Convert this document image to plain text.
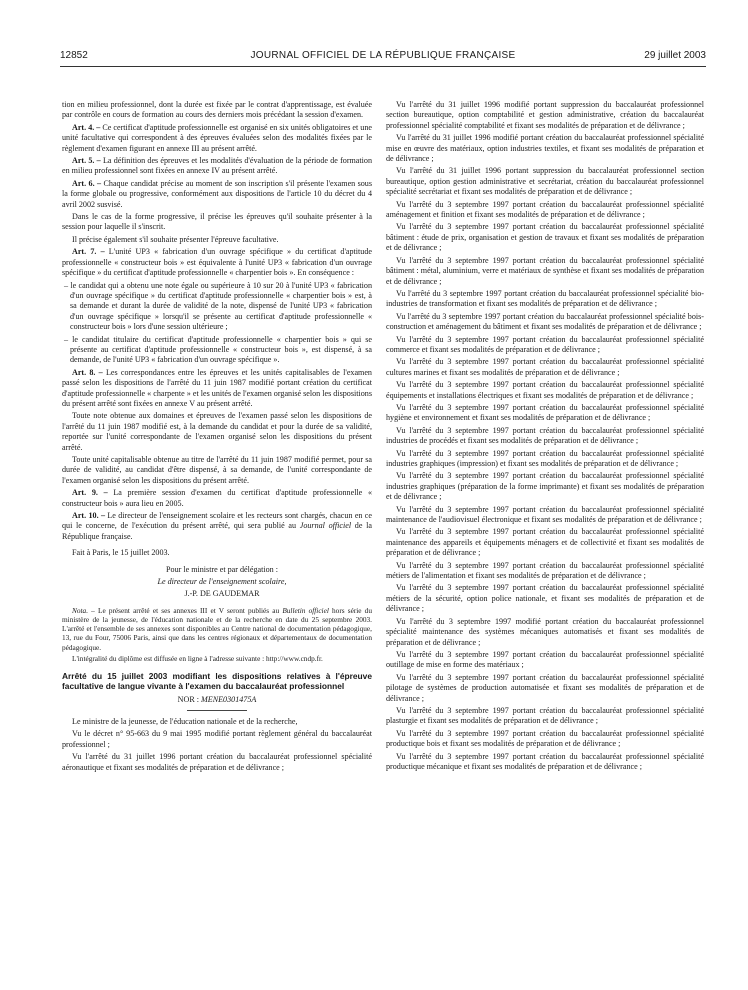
12852	JOURNAL OFFICIEL DE LA RÉPUBLIQUE FRANÇAISE	29 juillet 2003

tion en milieu professionnel, dont la durée est fixée par le contrat d'apprentissage, est évaluée par contrôle en cours de formation au cours des derniers mois précédant la session d'examen.

Art. 4. – Ce certificat d'aptitude professionnelle est organisé en six unités obligatoires et une unité facultative qui correspondent à des épreuves évaluées selon des modalités fixées par le règlement d'examen figurant en annexe III au présent arrêté.

Art. 5. – La définition des épreuves et les modalités d'évaluation de la période de formation en milieu professionnel sont fixées en annexe IV au présent arrêté.

Art. 6. – Chaque candidat précise au moment de son inscription s'il présente l'examen sous la forme globale ou progressive, conformément aux dispositions de l'article 10 du décret du 4 avril 2002 susvisé.

Dans le cas de la forme progressive, il précise les épreuves qu'il souhaite présenter à la session pour laquelle il s'inscrit.

Il précise également s'il souhaite présenter l'épreuve facultative.

Art. 7. – L'unité UP3 « fabrication d'un ouvrage spécifique » du certificat d'aptitude professionnelle « constructeur bois » est équivalente à l'unité UP3 « fabrication d'un ouvrage spécifique » du certificat d'aptitude professionnelle « charpentier bois ». En conséquence :

– le candidat qui a obtenu une note égale ou supérieure à 10 sur 20 à l'unité UP3 « fabrication d'un ouvrage spécifique » du certificat d'aptitude professionnelle « charpentier bois » est, à sa demande et durant la durée de validité de la note, dispensé de l'unité UP3 « fabrication d'un ouvrage spécifique » lorsqu'il se présente au certificat d'aptitude professionnelle « constructeur bois » lors d'une session ultérieure ;

– le candidat titulaire du certificat d'aptitude professionnelle « charpentier bois » qui se présente au certificat d'aptitude professionnelle « constructeur bois », est dispensé, à sa demande, de l'unité UP3 « fabrication d'un ouvrage spécifique ».

Art. 8. – Les correspondances entre les épreuves et les unités capitalisables de l'examen passé selon les dispositions de l'arrêté du 11 juin 1987 modifié portant création du certificat d'aptitude professionnelle « charpente » et les unités de l'examen organisé selon les dispositions du présent arrêté sont fixées en annexe V au présent arrêté.

Toute note obtenue aux domaines et épreuves de l'examen passé selon les dispositions de l'arrêté du 11 juin 1987 modifié est, à la demande du candidat et pour la durée de sa validité, reportée sur l'unité correspondante de l'examen organisé selon les dispositions du présent arrêté.

Toute unité capitalisable obtenue au titre de l'arrêté du 11 juin 1987 modifié permet, pour sa durée de validité, au candidat d'être dispensé, à sa demande, de l'unité correspondante de l'examen organisé selon les dispositions du présent arrêté.

Art. 9. – La première session d'examen du certificat d'aptitude professionnelle « constructeur bois » aura lieu en 2005.

Art. 10. – Le directeur de l'enseignement scolaire et les recteurs sont chargés, chacun en ce qui le concerne, de l'exécution du présent arrêté, qui sera publié au Journal officiel de la République française.

Fait à Paris, le 15 juillet 2003.

Pour le ministre et par délégation :

Le directeur de l'enseignement scolaire,

J.-P. DE GAUDEMAR

Nota. – Le présent arrêté et ses annexes III et V seront publiés au Bulletin officiel hors série du ministère de la jeunesse, de l'éducation nationale et de la recherche en date du 25 septembre 2003. L'arrêté et l'ensemble de ses annexes sont disponibles au Centre national de documentation pédagogique, 13, rue du Four, 75006 Paris, ainsi que dans les centres régionaux et départementaux de documentation pédagogique.

L'intégralité du diplôme est diffusée en ligne à l'adresse suivante : http://www.cndp.fr.

Arrêté du 15 juillet 2003 modifiant les dispositions relatives à l'épreuve facultative de langue vivante à l'examen du baccalauréat professionnel

NOR : MENE0301475A

Le ministre de la jeunesse, de l'éducation nationale et de la recherche,

Vu le décret n° 95-663 du 9 mai 1995 modifié portant règlement général du baccalauréat professionnel ;

Vu l'arrêté du 31 juillet 1996 portant création du baccalauréat professionnel spécialité aéronautique et fixant ses modalités de préparation et de délivrance ;

Vu l'arrêté du 31 juillet 1996 modifié portant suppression du baccalauréat professionnel section bureautique, option comptabilité et gestion administrative, création du baccalauréat professionnel spécialité comptabilité et fixant ses modalités de préparation et de délivrance ;

Vu l'arrêté du 31 juillet 1996 modifié portant création du baccalauréat professionnel spécialité mise en œuvre des matériaux, option industries textiles, et fixant ses modalités de préparation et de délivrance ;

Vu l'arrêté du 31 juillet 1996 portant suppression du baccalauréat professionnel section bureautique, option gestion administrative et secrétariat, création du baccalauréat professionnel spécialité secrétariat et fixant ses modalités de préparation et de délivrance ;

Vu l'arrêté du 3 septembre 1997 portant création du baccalauréat professionnel spécialité aménagement et finition et fixant ses modalités de préparation et de délivrance ;

Vu l'arrêté du 3 septembre 1997 portant création du baccalauréat professionnel spécialité bâtiment : étude de prix, organisation et gestion de travaux et fixant ses modalités de préparation et de délivrance ;

Vu l'arrêté du 3 septembre 1997 portant création du baccalauréat professionnel spécialité bâtiment : métal, aluminium, verre et matériaux de synthèse et fixant ses modalités de préparation et de délivrance ;

Vu l'arrêté du 3 septembre 1997 portant création du baccalauréat professionnel spécialité bio-industries de transformation et fixant ses modalités de préparation et de délivrance ;

Vu l'arrêté du 3 septembre 1997 portant création du baccalauréat professionnel spécialité bois-construction et aménagement du bâtiment et fixant ses modalités de préparation et de délivrance ;

Vu l'arrêté du 3 septembre 1997 portant création du baccalauréat professionnel spécialité commerce et fixant ses modalités de préparation et de délivrance ;

Vu l'arrêté du 3 septembre 1997 portant création du baccalauréat professionnel spécialité cultures marines et fixant ses modalités de préparation et de délivrance ;

Vu l'arrêté du 3 septembre 1997 portant création du baccalauréat professionnel spécialité équipements et installations électriques et fixant ses modalités de préparation et de délivrance ;

Vu l'arrêté du 3 septembre 1997 portant création du baccalauréat professionnel spécialité hygiène et environnement et fixant ses modalités de préparation et de délivrance ;

Vu l'arrêté du 3 septembre 1997 portant création du baccalauréat professionnel spécialité industries de procédés et fixant ses modalités de préparation et de délivrance ;

Vu l'arrêté du 3 septembre 1997 portant création du baccalauréat professionnel spécialité industries graphiques (impression) et fixant ses modalités de préparation et de délivrance ;

Vu l'arrêté du 3 septembre 1997 portant création du baccalauréat professionnel spécialité industries graphiques (préparation de la forme imprimante) et fixant ses modalités de préparation et de délivrance ;

Vu l'arrêté du 3 septembre 1997 portant création du baccalauréat professionnel spécialité maintenance de l'audiovisuel électronique et fixant ses modalités de préparation et de délivrance ;

Vu l'arrêté du 3 septembre 1997 portant création du baccalauréat professionnel spécialité maintenance des appareils et équipements ménagers et de collectivité et fixant ses modalités de préparation et de délivrance ;

Vu l'arrêté du 3 septembre 1997 portant création du baccalauréat professionnel spécialité métiers de l'alimentation et fixant ses modalités de préparation et de délivrance ;

Vu l'arrêté du 3 septembre 1997 portant création du baccalauréat professionnel spécialité métiers de la sécurité, option police nationale, et fixant ses modalités de préparation et de délivrance ;

Vu l'arrêté du 3 septembre 1997 modifié portant création du baccalauréat professionnel spécialité maintenance des systèmes mécaniques automatisés et fixant ses modalités de préparation et de délivrance ;

Vu l'arrêté du 3 septembre 1997 portant création du baccalauréat professionnel spécialité outillage de mise en forme des matériaux ;

Vu l'arrêté du 3 septembre 1997 portant création du baccalauréat professionnel spécialité pilotage de systèmes de production automatisée et fixant ses modalités de préparation et de délivrance ;

Vu l'arrêté du 3 septembre 1997 portant création du baccalauréat professionnel spécialité plasturgie et fixant ses modalités de préparation et de délivrance ;

Vu l'arrêté du 3 septembre 1997 portant création du baccalauréat professionnel spécialité productique bois et fixant ses modalités de préparation et de délivrance ;

Vu l'arrêté du 3 septembre 1997 portant création du baccalauréat professionnel spécialité productique mécanique et fixant ses modalités de préparation et de délivrance ;
